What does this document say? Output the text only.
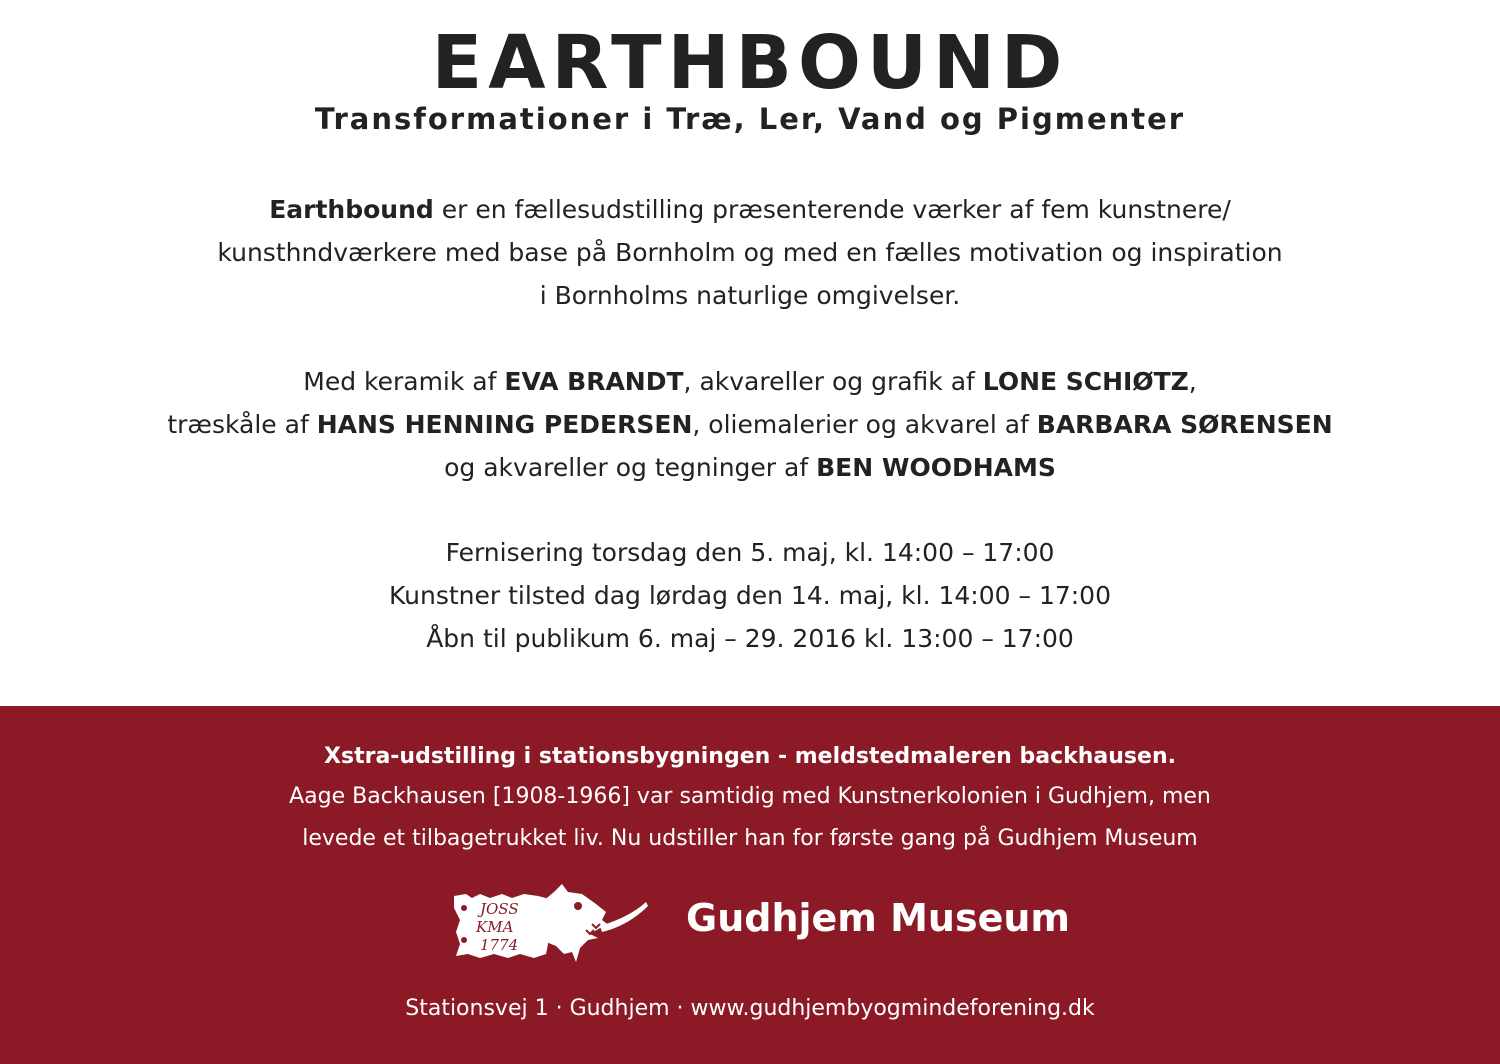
EARTHBOUND
Transformationer i Træ, Ler, Vand og Pigmenter
Earthbound er en fællesudstilling præsenterende værker af fem kunstnere/
kunsthndværkere med base på Bornholm og med en fælles motivation og inspiration
i Bornholms naturlige omgivelser.
Med keramik af EVA BRANDT, akvareller og grafik af LONE SCHIØTZ,
træskåle af HANS HENNING PEDERSEN, oliemalerier og akvarel af BARBARA SØRENSEN
og akvareller og tegninger af BEN WOODHAMS
Fernisering torsdag den 5. maj, kl. 14:00 – 17:00
Kunstner tilsted dag lørdag den 14. maj, kl. 14:00 – 17:00
Åbn til publikum 6. maj – 29. 2016 kl. 13:00 – 17:00
Xstra-udstilling i stationsbygningen - meldstedmaleren backhausen.
Aage Backhausen [1908-1966] var samtidig med Kunstnerkolonien i Gudhjem, men
levede et tilbagetrukket liv. Nu udstiller han for første gang på Gudhjem Museum
JOSS
KMA
1774
Gudhjem Museum
Stationsvej 1 · Gudhjem · www.gudhjembyogmindeforening.dk
